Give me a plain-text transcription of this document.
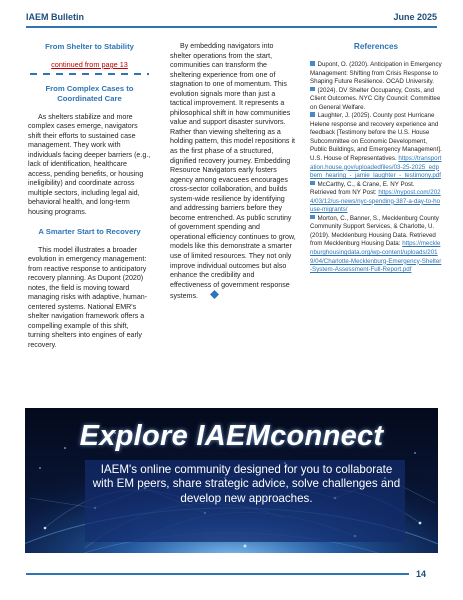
IAEM Bulletin	June 2025
From Shelter to Stability
continued from page 13
From Complex Cases to Coordinated Care

As shelters stabilize and more complex cases emerge, navigators shift their efforts to sustained case management. They work with individuals facing deeper barriers (e.g., lack of identification, healthcare access, pending benefits, or housing ineligibility) and coordinate across multiple sectors, including legal aid, behavioral health, and long-term housing programs.

A Smarter Start to Recovery

This model illustrates a broader evolution in emergency management: from reactive response to anticipatory recovery planning. As Dupont (2020) notes, the field is moving toward managing risks with adaptive, human-centered systems. National EMR's shelter navigation framework offers a compelling example of this shift, turning shelters into engines of early recovery.

By embedding navigators into shelter operations from the start, communities can transform the sheltering experience from one of stagnation to one of momentum. This evolution signals more than just a tactical improvement. It represents a philosophical shift in how communities value and support disaster survivors. Rather than viewing sheltering as a holding pattern, this model repositions it as the first phase of a structured, dignified recovery journey. Embedding Resource Navigators early fosters agency among evacuees encourages cross-sector collaboration, and builds system-wide resilience by identifying and addressing barriers before they become entrenched. As public scrutiny of government spending and operational efficiency continues to grow, models like this demonstrate a smarter use of limited resources. They not only improve individual outcomes but also enhance the credibility and effectiveness of government response systems.

References
Dupont, O. (2020). Anticipation in Emergency Management: Shifting from Crisis Response to Shaping Future Resilience. OCAD University.
(2024). DV Shelter Occupancy, Costs, and Client Outcomes. NYC City Council: Committee on General Welfare.
Laughter, J. (2025). County post Hurricane Helene response and recovery experience and feedback [Testimony before the U.S. House Subcommittee on Economic Development, Public Buildings, and Emergency Management]. U.S. House of Representatives. https://transportation.house.gov/uploadedfiles/03-25-2025_edpbem_hearing_-_jamie_laughter_-_testimony.pdf
McCarthy, C., & Crane, E. NY Post. Retrieved from NY Post: https://nypost.com/2024/03/12/us-news/nyc-spending-387-a-day-to-house-migrants/
Morton, C., Banner, S., Mecklenburg County Community Support Services, & Charlotte, U. (2019). Mecklenburg Housing Data. Retrieved from Mecklenburg Housing Data: https://mecklenburghousingdata.org/wp-content/uploads/2019/04/Charlotte-Mecklenburg-Emergency-Shelter-System-Assessment-Full-Report.pdf
Explore IAEMconnect
IAEM's online community designed for you to collaborate with EM peers, share strategic advice, solve challenges and develop new approaches.
14
